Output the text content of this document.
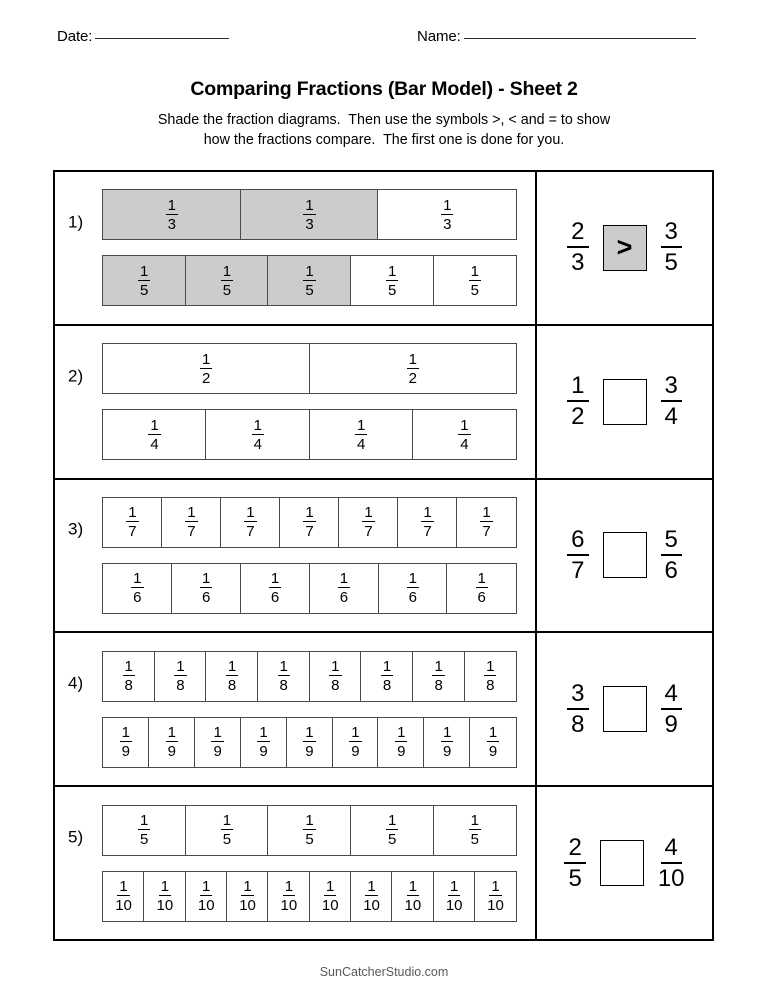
Date:	Name:
Comparing Fractions (Bar Model) - Sheet 2
Shade the fraction diagrams.  Then use the symbols >, < and = to show
how the fractions compare.  The first one is done for you.
1)	$\frac{1}{3}$	$\frac{1}{3}$	$\frac{1}{3}$
$\frac{1}{5}$	$\frac{1}{5}$	$\frac{1}{5}$	$\frac{1}{5}$	$\frac{1}{5}$
$\frac{2}{3}$	>	$\frac{3}{5}$
2)	$\frac{1}{2}$	$\frac{1}{2}$
$\frac{1}{4}$	$\frac{1}{4}$	$\frac{1}{4}$	$\frac{1}{4}$
$\frac{1}{2}$	$\frac{3}{4}$
3)	$\frac{1}{7}$	$\frac{1}{7}$	$\frac{1}{7}$	$\frac{1}{7}$	$\frac{1}{7}$	$\frac{1}{7}$	$\frac{1}{7}$
$\frac{1}{6}$	$\frac{1}{6}$	$\frac{1}{6}$	$\frac{1}{6}$	$\frac{1}{6}$	$\frac{1}{6}$
$\frac{6}{7}$	$\frac{5}{6}$
4)	$\frac{1}{8}$	$\frac{1}{8}$	$\frac{1}{8}$	$\frac{1}{8}$	$\frac{1}{8}$	$\frac{1}{8}$	$\frac{1}{8}$	$\frac{1}{8}$
$\frac{1}{9} \frac{1}{9} \frac{1}{9} \frac{1}{9} \frac{1}{9} \frac{1}{9} \frac{1}{9} \frac{1}{9} \frac{1}{9}$
$\frac{3}{8}$	$\frac{4}{9}$
5)	$\frac{1}{5}$	$\frac{1}{5}$	$\frac{1}{5}$	$\frac{1}{5}$	$\frac{1}{5}$
$\frac{1}{10} \frac{1}{10} \frac{1}{10} \frac{1}{10} \frac{1}{10} \frac{1}{10} \frac{1}{10} \frac{1}{10} \frac{1}{10} \frac{1}{10}$
$\frac{2}{5}$	$\frac{4}{10}$
SunCatcherStudio.com
